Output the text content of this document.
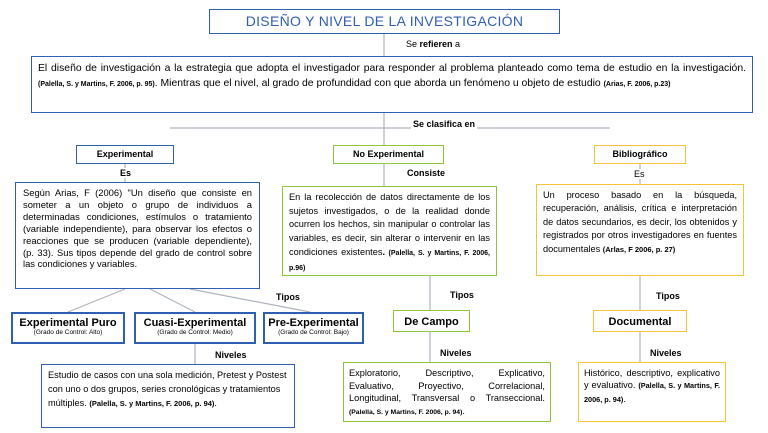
DISEÑO Y NIVEL DE LA INVESTIGACIÓN
Se refieren a
El diseño de investigación a la estrategia que adopta el investigador para responder al problema planteado como tema de estudio en la investigación. (Palella, S. y Martins, F. 2006, p. 95). Mientras que el nivel, al grado de profundidad con que aborda un fenómeno u objeto de estudio (Arias, F. 2006, p.23)
Se clasifica en
Experimental	No Experimental	Bibliográfico
Es	Consiste	Es
Según Arias, F (2006) "Un diseño que consiste en someter a un objeto o grupo de individuos a determinadas condiciones, estímulos o tratamiento (variable independiente), para observar los efectos o reacciones que se producen (variable dependiente), (p. 33). Sus tipos depende del grado de control sobre las condiciones y variables.
En la recolección de datos directamente de los sujetos investigados, o de la realidad donde ocurren los hechos, sin manipular o controlar las variables, es decir, sin alterar o intervenir en las condiciones existentes. (Palella, S. y Martins, F. 2006, p.96)
Un proceso basado en la búsqueda, recuperación, análisis, crítica e interpretación de datos secundarios, es decir, los obtenidos y registrados por otros investigadores en fuentes documentales (Arlas, F 2006, p. 27)
Tipos	Tipos	Tipos
Experimental Puro
(Grado de Control: Alto)
Cuasi-Experimental
(Grado de Control: Medio)
Pre-Experimental
(Grado de Control: Bajo)
De Campo	Documental
Niveles	Niveles	Niveles
Estudio de casos con una sola medición, Pretest y Postest con uno o dos grupos, series cronológicas y tratamientos múltiples. (Palella, S. y Martins, F. 2006, p. 94).
Exploratorio, Descriptivo, Explicativo, Evaluativo, Proyectivo, Correlacional, Longitudinal, Transversal o Transeccional. (Palella, S. y Martins, F. 2006, p. 94).
Histórico, descriptivo, explicativo y evaluativo. (Palella, S. y Martins, F. 2006, p. 94).
